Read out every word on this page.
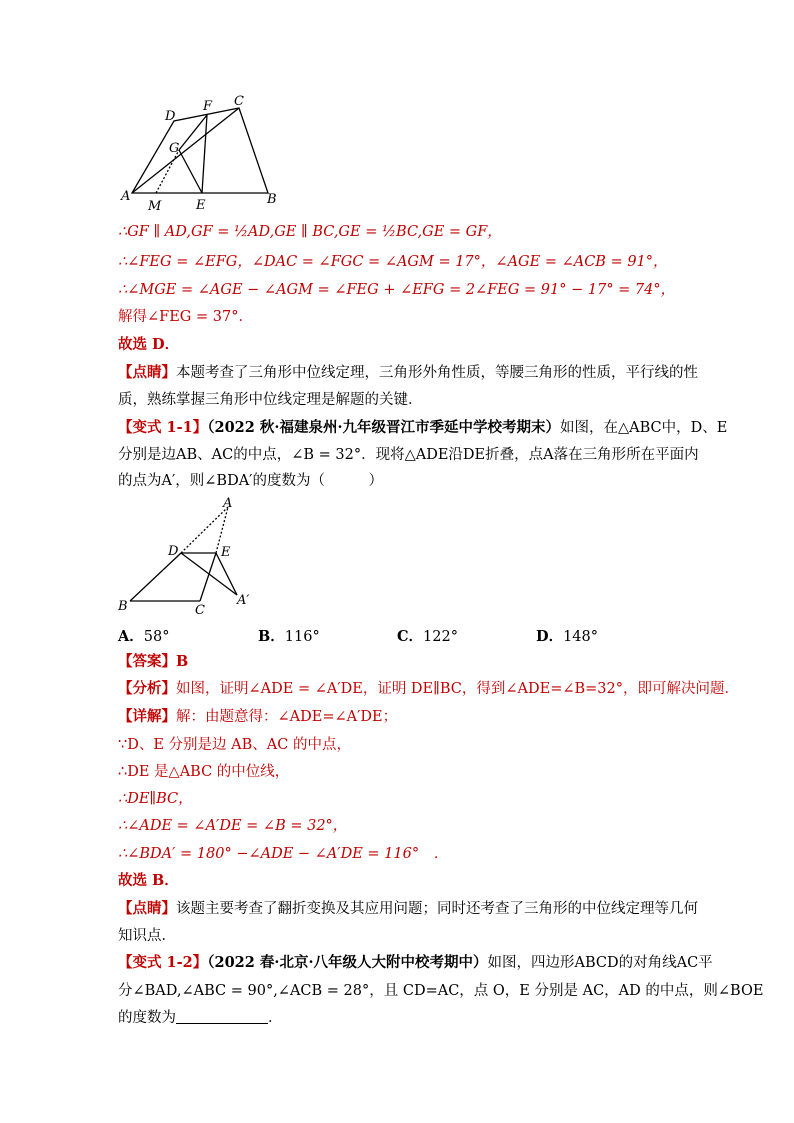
D
F C
G
A
M	E	B
∴GF ∥ AD,GF = ½AD,GE ∥ BC,GE = ½BC,GE = GF，
∴∠FEG = ∠EFG，∠DAC = ∠FGC = ∠AGM = 17°，∠AGE = ∠ACB = 91°，
∴∠MGE = ∠AGE − ∠AGM = ∠FEG + ∠EFG = 2∠FEG = 91° − 17° = 74°，
解得∠FEG = 37°．
故选 D．
【点睛】本题考查了三角形中位线定理，三角形外角性质，等腰三角形的性质，平行线的性
质，熟练掌握三角形中位线定理是解题的关键．
【变式 1-1】（2022 秋·福建泉州·九年级晋江市季延中学校考期末）如图，在△ABC中，D、E
分别是边AB、AC的中点，∠B = 32°．现将△ADE沿DE折叠，点A落在三角形所在平面内
的点为A′，则∠BDA′的度数为（　　　）
A
D	E
B	C
A′
A．58°	B．116°	C．122°	D．148°
【答案】B
【分析】如图，证明∠ADE = ∠A′DE，证明 DE∥BC，得到∠ADE=∠B=32°，即可解决问题．
【详解】解：由题意得：∠ADE=∠A′DE；
∵D、E 分别是边 AB、AC 的中点，
∴DE 是△ABC 的中位线，
∴DE∥BC，
∴∠ADE = ∠A′DE = ∠B = 32°，
∴∠BDA′ = 180° −∠ADE − ∠A′DE = 116°　．
故选 B．
【点睛】该题主要考查了翻折变换及其应用问题；同时还考查了三角形的中位线定理等几何
知识点．
【变式 1-2】（2022 春·北京·八年级人大附中校考期中）如图，四边形ABCD的对角线AC平
分∠BAD,∠ABC = 90°,∠ACB = 28°，且 CD=AC，点 O，E 分别是 AC，AD 的中点，则∠BOE
的度数为	．
